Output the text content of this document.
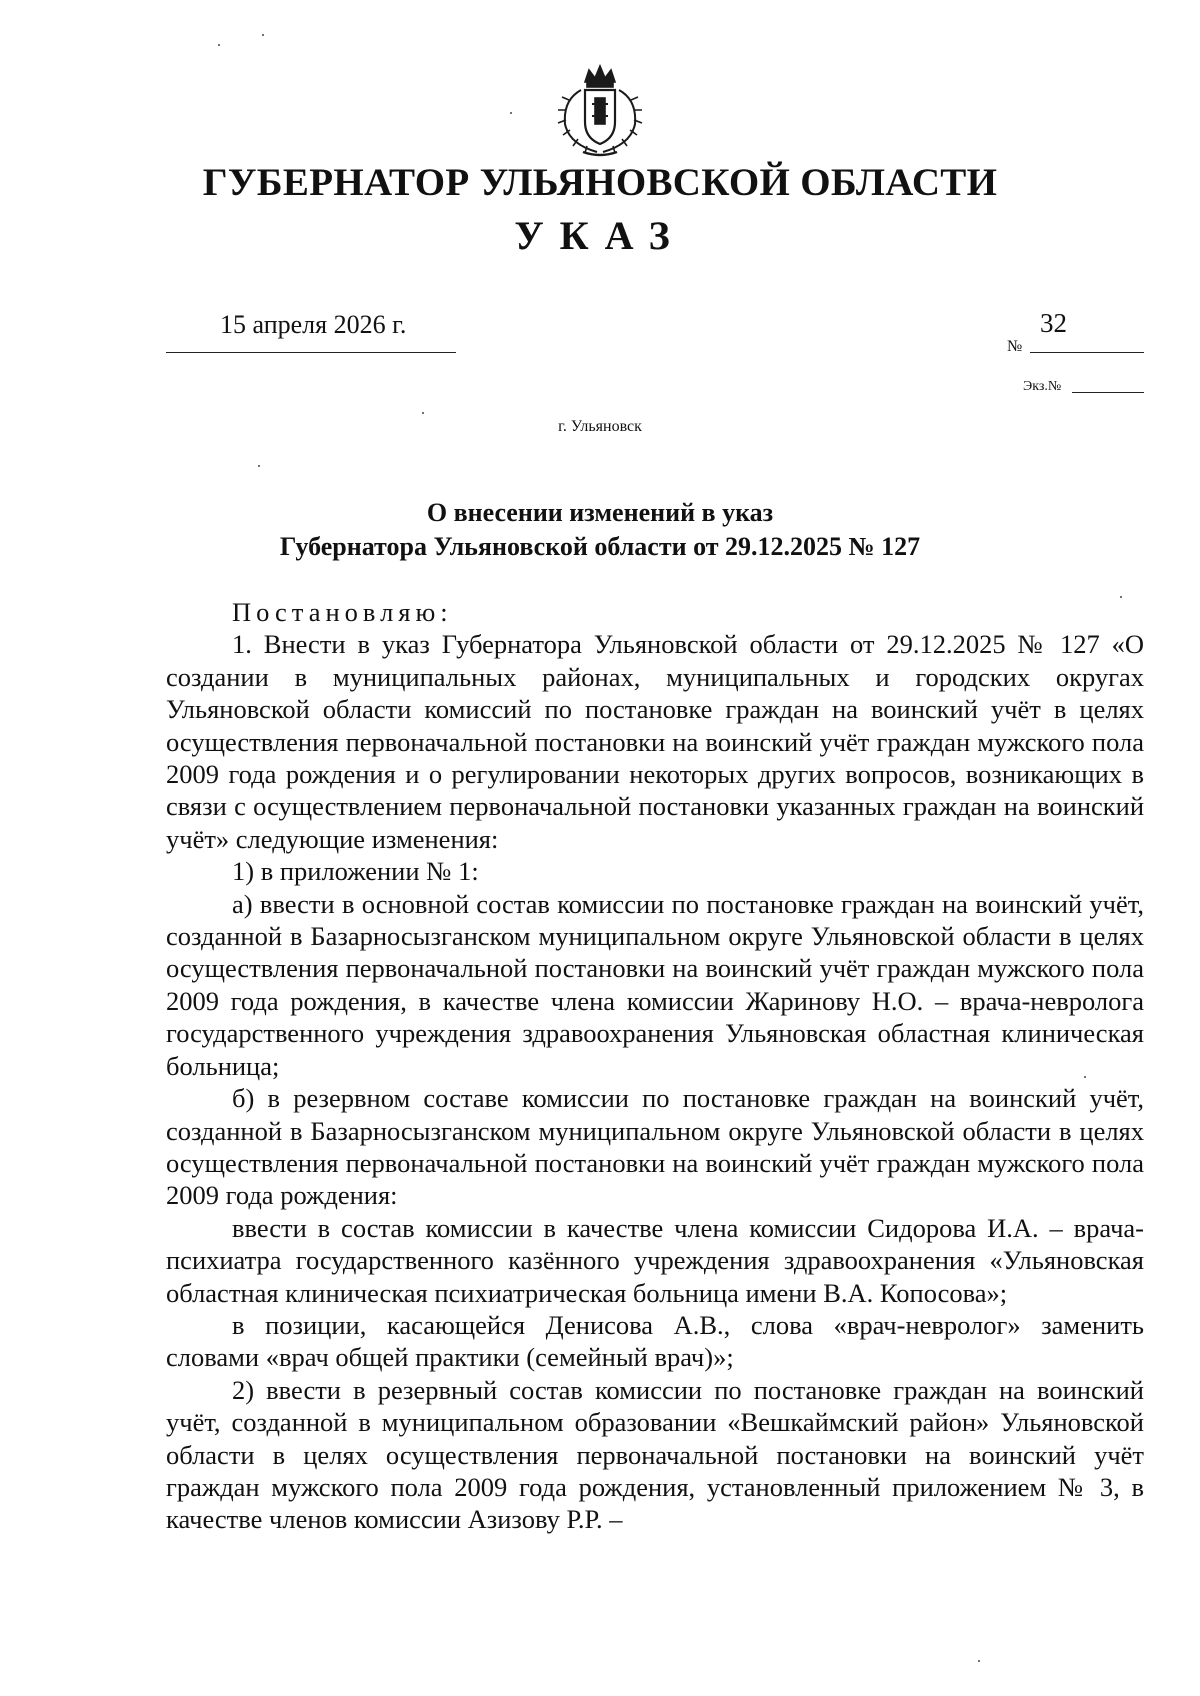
ГУБЕРНАТОР УЛЬЯНОВСКОЙ ОБЛАСТИ
УКАЗ
15 апреля 2026 г.	32
№
Экз.№
г. Ульяновск
О внесении изменений в указ
Губернатора Ульяновской области от 29.12.2025 № 127

Постановляю:

1. Внести в указ Губернатора Ульяновской области от 29.12.2025 № 127 «О создании в муниципальных районах, муниципальных и городских округах Ульяновской области комиссий по постановке граждан на воинский учёт в целях осуществления первоначальной постановки на воинский учёт граждан мужского пола 2009 года рождения и о регулировании некоторых других вопросов, возникающих в связи с осуществлением первоначальной постановки указанных граждан на воинский учёт» следующие изменения:

1) в приложении № 1:

а) ввести в основной состав комиссии по постановке граждан на воинский учёт, созданной в Базарносызганском муниципальном округе Ульяновской области в целях осуществления первоначальной постановки на воинский учёт граждан мужского пола 2009 года рождения, в качестве члена комиссии Жаринову Н.О. – врача-невролога государственного учреждения здравоохранения Ульяновская областная клиническая больница;

б) в резервном составе комиссии по постановке граждан на воинский учёт, созданной в Базарносызганском муниципальном округе Ульяновской области в целях осуществления первоначальной постановки на воинский учёт граждан мужского пола 2009 года рождения:

ввести в состав комиссии в качестве члена комиссии Сидорова И.А. – врача-психиатра государственного казённого учреждения здравоохранения «Ульяновская областная клиническая психиатрическая больница имени В.А. Копосова»;

в позиции, касающейся Денисова А.В., слова «врач-невролог» заменить словами «врач общей практики (семейный врач)»;

2) ввести в резервный состав комиссии по постановке граждан на воинский учёт, созданной в муниципальном образовании «Вешкаймский район» Ульяновской области в целях осуществления первоначальной постановки на воинский учёт граждан мужского пола 2009 года рождения, установленный приложением № 3, в качестве членов комиссии Азизову Р.Р. –
